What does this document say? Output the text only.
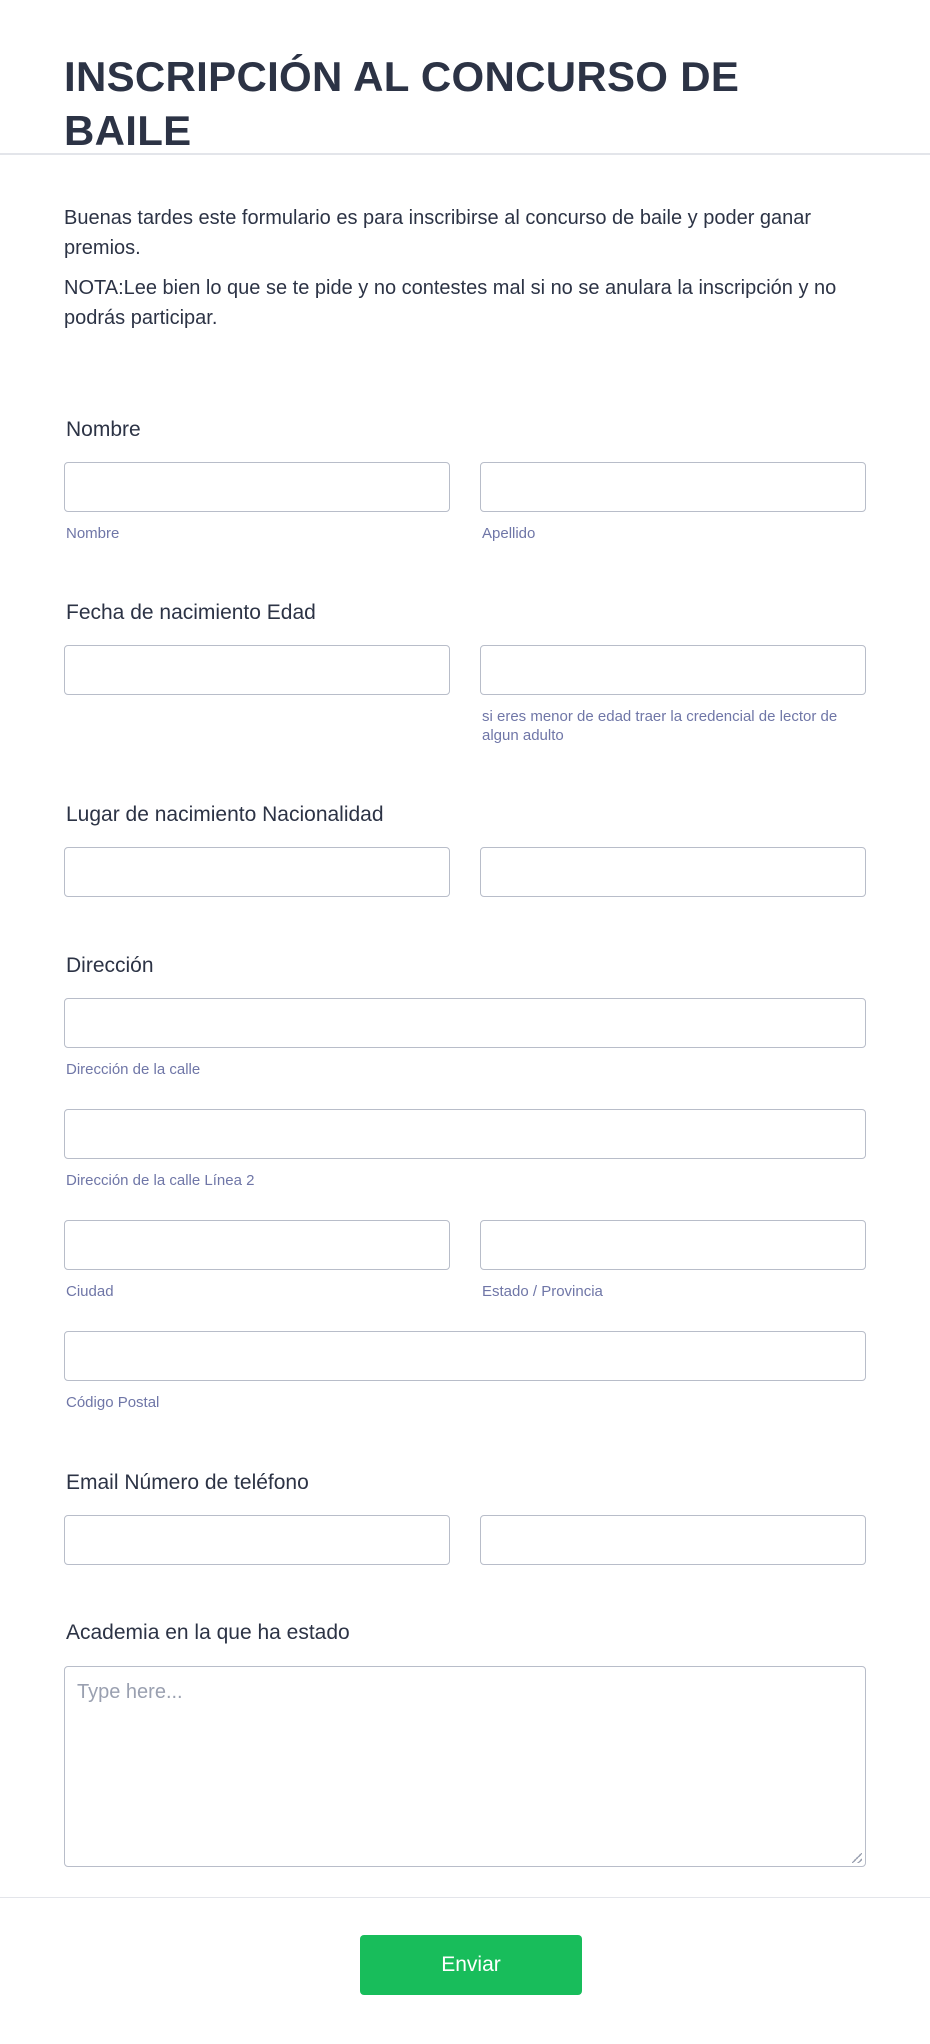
INSCRIPCIÓN AL CONCURSO DE BAILE

Buenas tardes este formulario es para inscribirse al concurso de baile y poder ganar premios.

NOTA:Lee bien lo que se te pide y no contestes mal si no se anulara la inscripción y no podrás participar.

Nombre
Nombre	Apellido
Fecha de nacimiento Edad
si eres menor de edad traer la credencial de lector de algun adulto
Lugar de nacimiento Nacionalidad
Dirección
Dirección de la calle
Dirección de la calle Línea 2
Ciudad	Estado / Provincia
Código Postal
Email Número de teléfono
Academia en la que ha estado
Type here...
Enviar
